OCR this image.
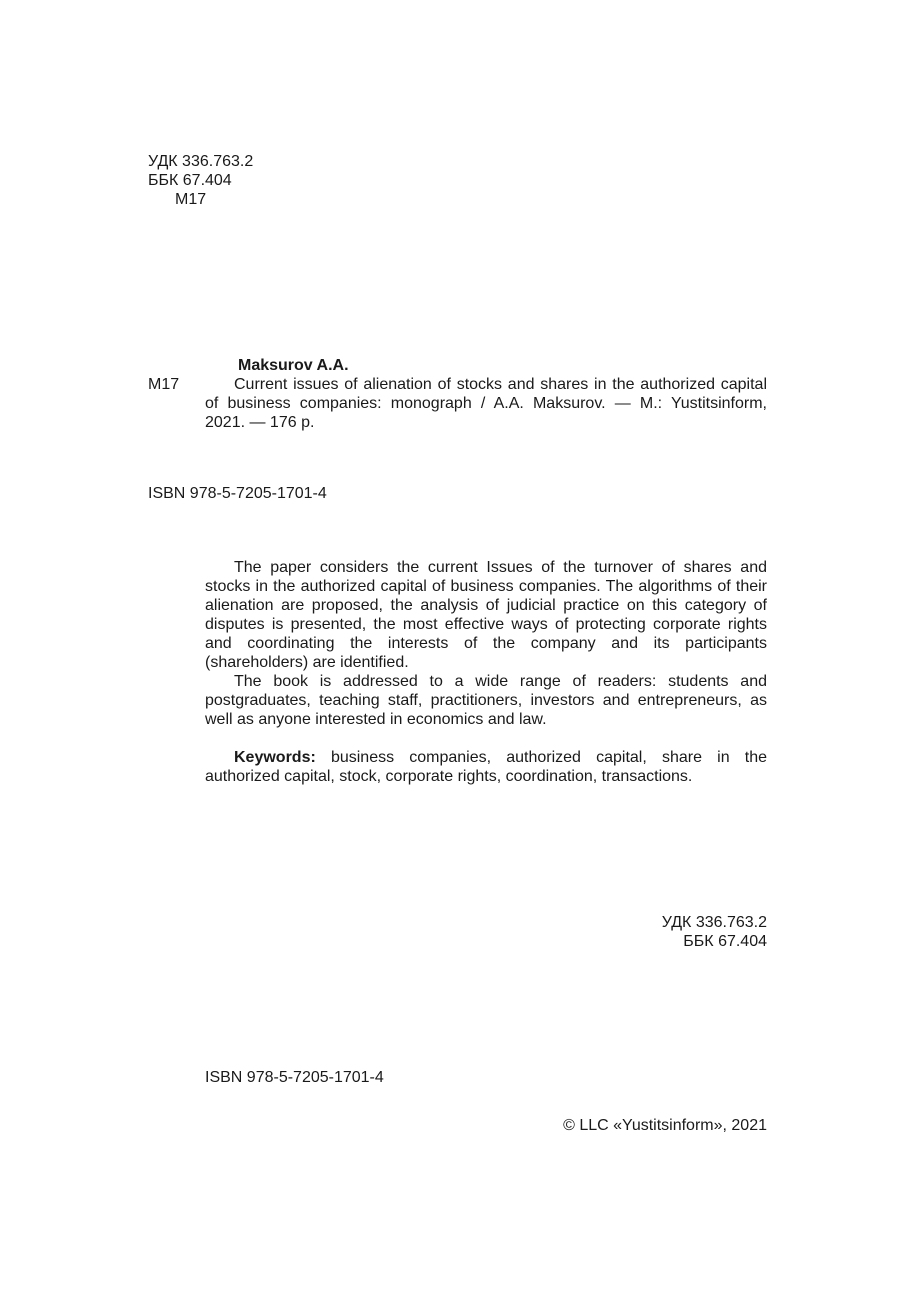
УДК 336.763.2
ББК 67.404
М17
Maksurov A.A.
М17	Current issues of alienation of stocks and shares in the authorized capital of business companies: monograph / A.A. Maksurov. — M.: Yustitsinform, 2021. — 176 p.
ISBN 978-5-7205-1701-4

The paper considers the current Issues of the turnover of shares and stocks in the authorized capital of business companies. The algorithms of their alienation are proposed, the analysis of judicial practice on this category of disputes is presented, the most effective ways of protecting corporate rights and coordinating the interests of the company and its participants (shareholders) are identified.

The book is addressed to a wide range of readers: students and postgraduates, teaching staff, practitioners, investors and entrepreneurs, as well as anyone interested in economics and law.

Keywords: business companies, authorized capital, share in the authorized capital, stock, corporate rights, coordination, transactions.

УДК 336.763.2
ББК 67.404
ISBN 978-5-7205-1701-4
© LLC «Yustitsinform», 2021
